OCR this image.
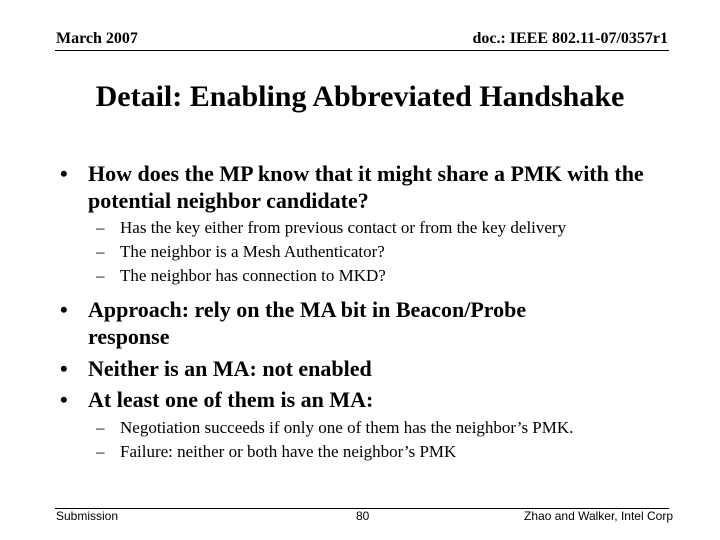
March 2007	doc.: IEEE 802.11-07/0357r1
Detail: Enabling Abbreviated Handshake
• How does the MP know that it might share a PMK with the potential neighbor candidate?
– Has the key either from previous contact or from the key delivery
– The neighbor is a Mesh Authenticator?
– The neighbor has connection to MKD?
• Approach: rely on the MA bit in Beacon/Probe response
• Neither is an MA: not enabled
• At least one of them is an MA:
– Negotiation succeeds if only one of them has the neighbor’s PMK.
– Failure: neither or both have the neighbor’s PMK
Submission	80	Zhao and Walker, Intel Corp
